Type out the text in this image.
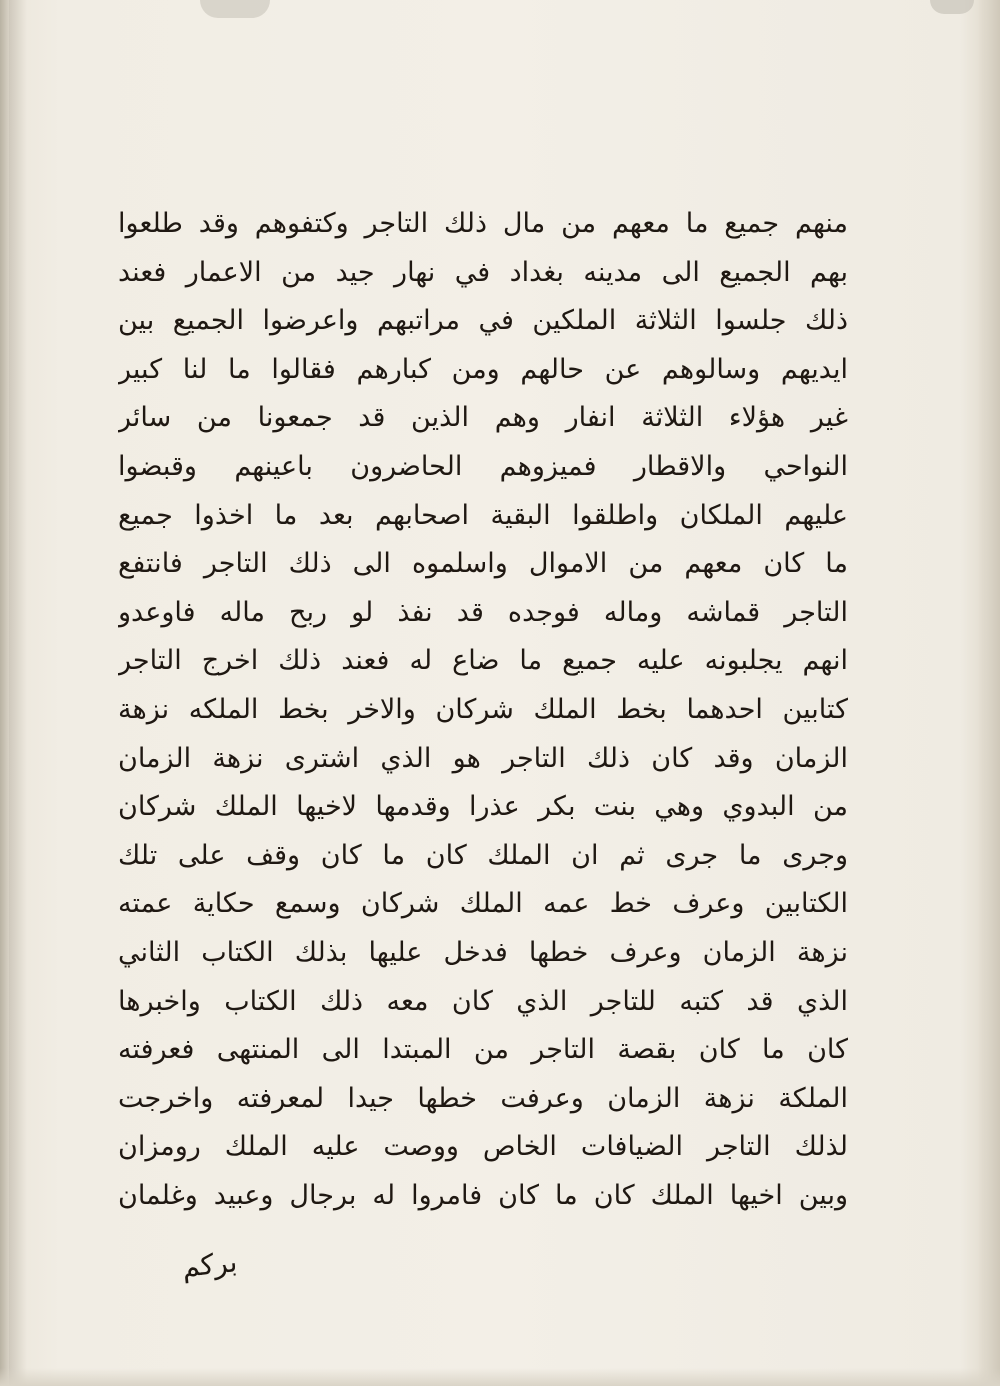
منهم جميع ما معهم من مال ذلك التاجر وكتفوهم وقد طلعوا
بهم الجميع الى مدينه بغداد في نهار جيد من الاعمار فعند
ذلك جلسوا الثلاثة الملكين في مراتبهم واعرضوا الجميع بين
ايديهم وسالوهم عن حالهم ومن كبارهم فقالوا ما لنا كبير
غير هؤلاء الثلاثة انفار وهم الذين قد جمعونا من سائر
النواحي والاقطار فميزوهم الحاضرون باعينهم وقبضوا
عليهم الملكان واطلقوا البقية اصحابهم بعد ما اخذوا جميع
ما كان معهم من الاموال واسلموه الى ذلك التاجر فانتفع
التاجر قماشه وماله فوجده قد نفذ لو ربح ماله فاوعدو
انهم يجلبونه عليه جميع ما ضاع له فعند ذلك اخرج التاجر
كتابين احدهما بخط الملك شركان والاخر بخط الملكه نزهة
الزمان وقد كان ذلك التاجر هو الذي اشترى نزهة الزمان
من البدوي وهي بنت بكر عذرا وقدمها لاخيها الملك شركان
وجرى ما جرى ثم ان الملك كان ما كان وقف على تلك
الكتابين وعرف خط عمه الملك شركان وسمع حكاية عمته
نزهة الزمان وعرف خطها فدخل عليها بذلك الكتاب الثاني
الذي قد كتبه للتاجر الذي كان معه ذلك الكتاب واخبرها
كان ما كان بقصة التاجر من المبتدا الى المنتهى فعرفته
الملكة نزهة الزمان وعرفت خطها جيدا لمعرفته واخرجت
لذلك التاجر الضيافات الخاص ووصت عليه الملك رومزان
وبين اخيها الملك كان ما كان فامروا له برجال وعبيد وغلمان
برکم
